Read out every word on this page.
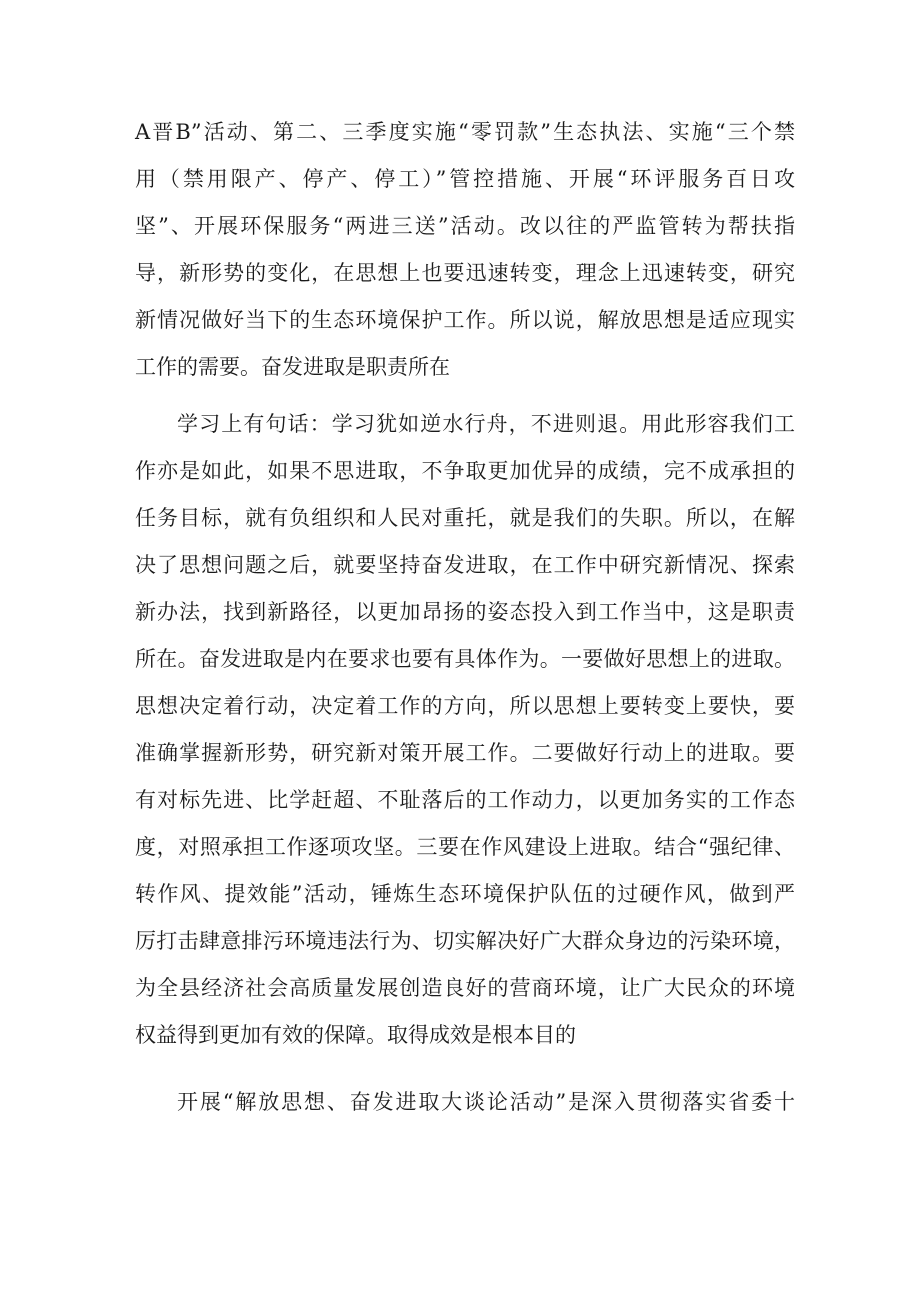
A晋B”活动、第二、三季度实施“零罚款”生态执法、实施“三个禁
用（禁用限产、停产、停工）”管控措施、开展“环评服务百日攻
坚”、开展环保服务“两进三送”活动。改以往的严监管转为帮扶指
导，新形势的变化，在思想上也要迅速转变，理念上迅速转变，研究
新情况做好当下的生态环境保护工作。所以说，解放思想是适应现实
工作的需要。奋发进取是职责所在
学习上有句话：学习犹如逆水行舟，不进则退。用此形容我们工
作亦是如此，如果不思进取，不争取更加优异的成绩，完不成承担的
任务目标，就有负组织和人民对重托，就是我们的失职。所以，在解
决了思想问题之后，就要坚持奋发进取，在工作中研究新情况、探索
新办法，找到新路径，以更加昂扬的姿态投入到工作当中，这是职责
所在。奋发进取是内在要求也要有具体作为。一要做好思想上的进取。
思想决定着行动，决定着工作的方向，所以思想上要转变上要快，要
准确掌握新形势，研究新对策开展工作。二要做好行动上的进取。要
有对标先进、比学赶超、不耻落后的工作动力，以更加务实的工作态
度，对照承担工作逐项攻坚。三要在作风建设上进取。结合“强纪律、
转作风、提效能”活动，锤炼生态环境保护队伍的过硬作风，做到严
厉打击肆意排污环境违法行为、切实解决好广大群众身边的污染环境，
为全县经济社会高质量发展创造良好的营商环境，让广大民众的环境
权益得到更加有效的保障。取得成效是根本目的
开展“解放思想、奋发进取大谈论活动”是深入贯彻落实省委十
